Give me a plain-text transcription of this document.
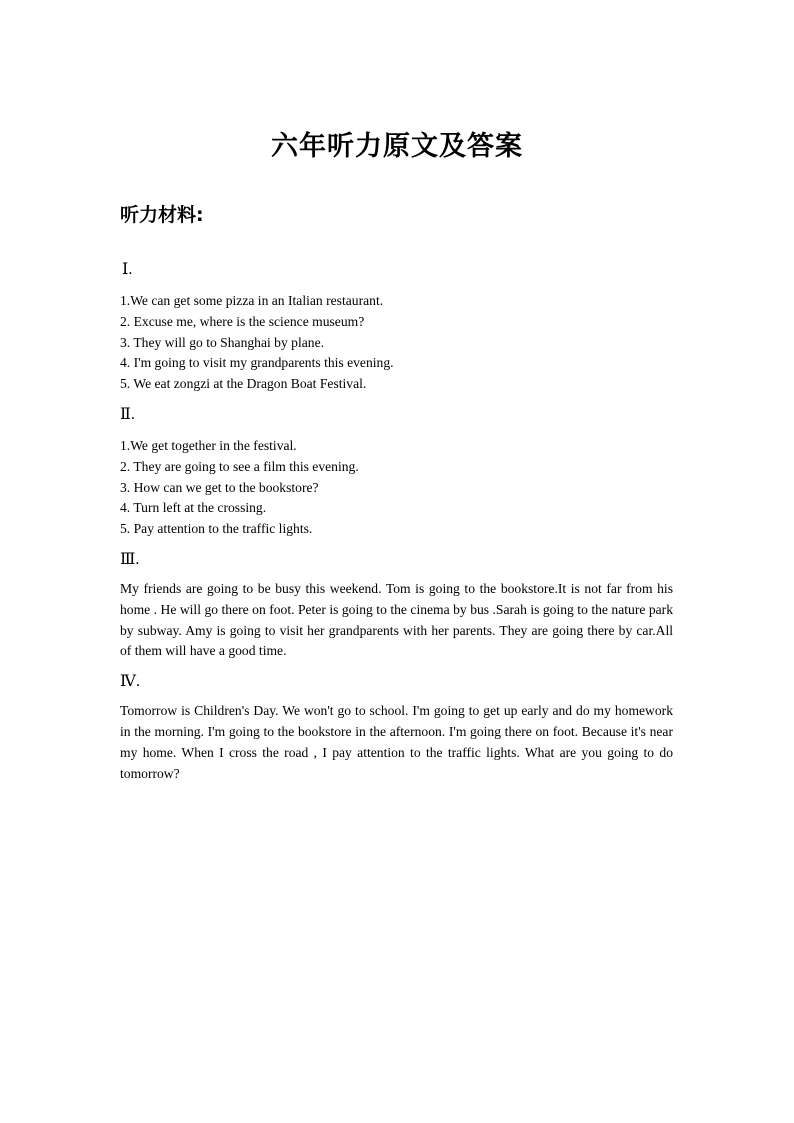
六年听力原文及答案
听力材料:
Ⅰ.
1.We can get some pizza in an Italian restaurant.
2. Excuse me, where is the science museum?
3. They will go to Shanghai by plane.
4. I'm going to visit my grandparents this evening.
5. We eat zongzi at the Dragon Boat Festival.
Ⅱ.
1.We get together in the festival.
2. They are going to see a film this evening.
3. How can we get to the bookstore?
4. Turn left at the crossing.
5. Pay attention to the traffic lights.
Ⅲ.
My friends are going to be busy this weekend. Tom is going to the bookstore.It is not far from his home . He will go there on foot. Peter is going to the cinema by bus .Sarah is going to the nature park by subway. Amy is going to visit her grandparents with her parents. They are going there by car.All of them will have a good time.
Ⅳ.
Tomorrow is Children's Day. We won't go to school. I'm going to get up early and do my homework in the morning. I'm going to the bookstore in the afternoon. I'm going there on foot. Because it's near my home. When I cross the road , I pay attention to the traffic lights. What are you going to do tomorrow?
